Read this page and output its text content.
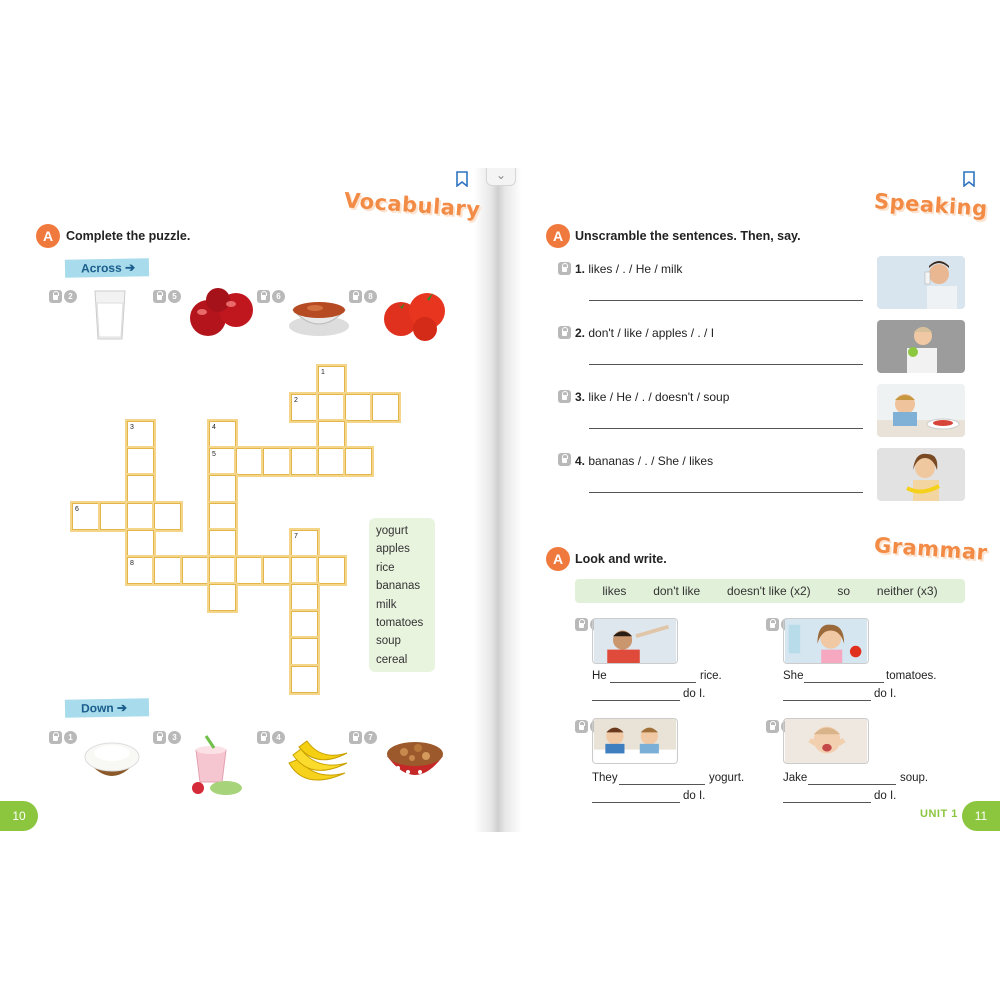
⌄
Vocabulary
A	Complete the puzzle.
Across ➔
2	5	6	8
1
2
3	4
5
6
7
8
yogurt
apples
rice
bananas
milk
tomatoes
soup
cereal
Down ➔
1	3	4	7
10
Speaking
A Unscramble the sentences. Then, say.
1. likes / . / He / milk
2. don't / like / apples / . / I
3. like / He / . / doesn't / soup
4. bananas / . / She / likes
Grammar
A Look and write.
likes don't like doesn't like (x2) so neither (x3)
He	rice.
do I.
She	tomatoes.
do I.
They	yogurt.
do I.
Jake	soup.
do I.
UNIT 1	11
